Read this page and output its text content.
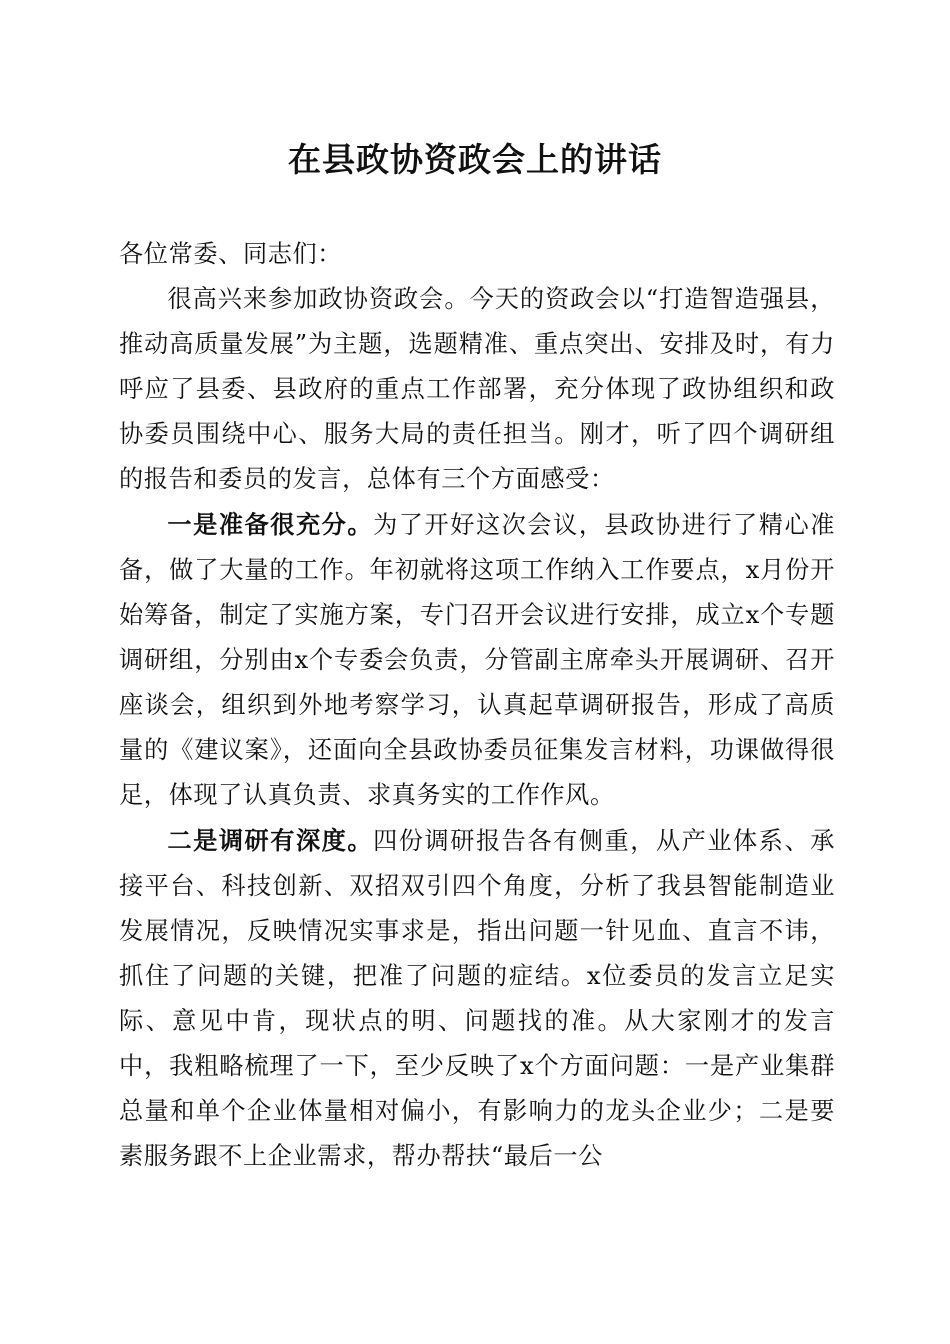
在县政协资政会上的讲话

各位常委、同志们：

很高兴来参加政协资政会。今天的资政会以“打造智造强县，推动高质量发展”为主题，选题精准、重点突出、安排及时，有力呼应了县委、县政府的重点工作部署，充分体现了政协组织和政协委员围绕中心、服务大局的责任担当。刚才，听了四个调研组的报告和委员的发言，总体有三个方面感受：

一是准备很充分。为了开好这次会议，县政协进行了精心准备，做了大量的工作。年初就将这项工作纳入工作要点，x月份开始筹备，制定了实施方案，专门召开会议进行安排，成立x个专题调研组，分别由x个专委会负责，分管副主席牵头开展调研、召开座谈会，组织到外地考察学习，认真起草调研报告，形成了高质量的《建议案》，还面向全县政协委员征集发言材料，功课做得很足，体现了认真负责、求真务实的工作作风。

二是调研有深度。四份调研报告各有侧重，从产业体系、承接平台、科技创新、双招双引四个角度，分析了我县智能制造业发展情况，反映情况实事求是，指出问题一针见血、直言不讳，抓住了问题的关键，把准了问题的症结。x位委员的发言立足实际、意见中肯，现状点的明、问题找的准。从大家刚才的发言中，我粗略梳理了一下，至少反映了x个方面问题：一是产业集群总量和单个企业体量相对偏小，有影响力的龙头企业少；二是要素服务跟不上企业需求，帮办帮扶“最后一公
